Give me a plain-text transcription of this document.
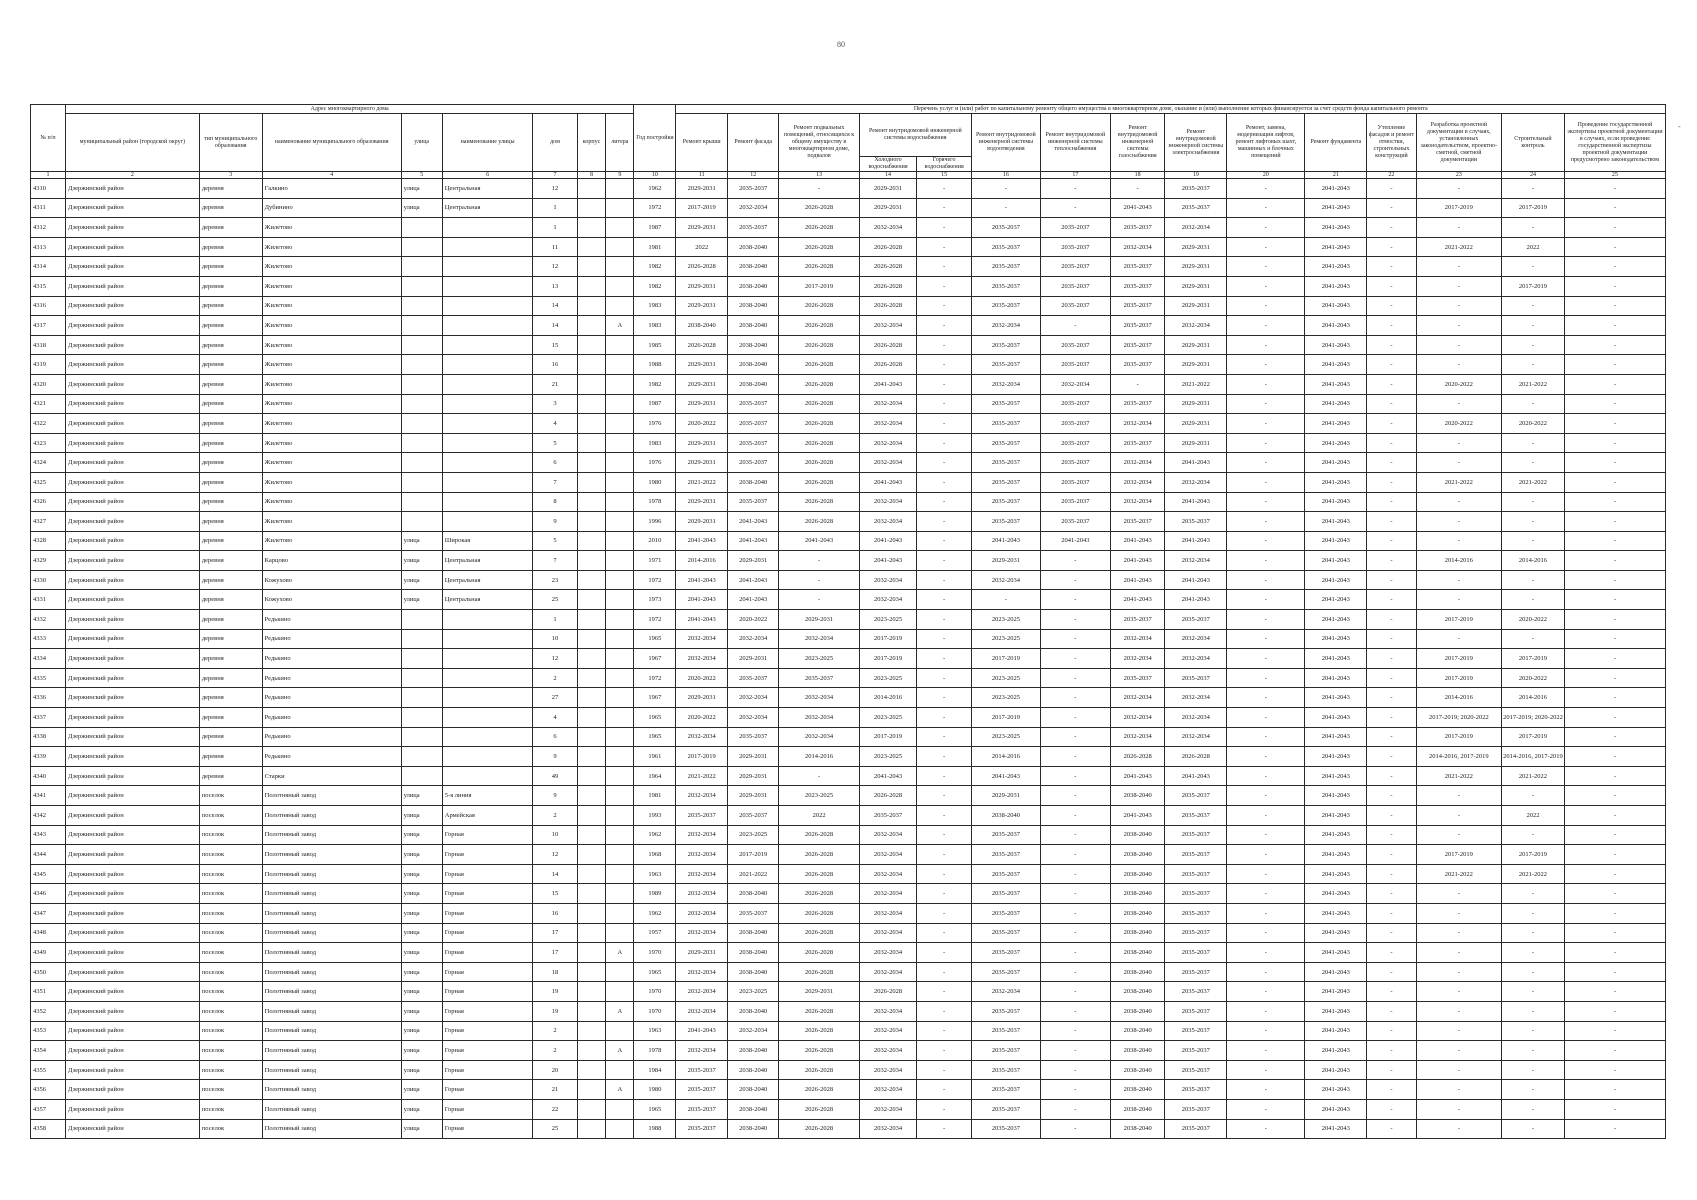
80
-
№ п/п	Адрес многоквартирного дома								Год постройки	Перечень услуг и (или) работ по капитальному ремонту общего имущества в многоквартирном доме, оказание и (или) выполнение которых финансируется за счет средств фонда капитального ремонта														
	муниципальный район (городской округ)	тип муниципального образования	наименование муниципального образования	улица	наименование улицы	дом	корпус	литера		Ремонт крыши	Ремонт фасада	Ремонт подвальных помещений, относящихся к общему имуществу в многоквартирном доме, подвалов	Ремонт внутридомовой инженерной системы водоснабжения		Ремонт внутридомовой инженерной системы водоотведения	Ремонт внутридомовой инженерной системы теплоснабжения	Ремонт внутридомовой инженерной системы газоснабжения	Ремонт внутридомовой инженерной системы электроснабжения	Ремонт, замена, модернизация лифтов, ремонт лифтовых шахт, машинных и блочных помещений	Ремонт фундамента	Утепление фасадов и ремонт отмостки, строительных конструкций	Разработка проектной документации в случаях, установленных законодательством, проектно-сметной, сметной документации	Строительный контроль	Проведение государственной экспертизы проектной документации в случаях, если проведение государственной экспертизы проектной документации предусмотрено законодательством
													Холодного водоснабжения	Горячего водоснабжения										
1	2	3	4	5	6	7	8	9	10	11	12	13	14	15	16	17	18	19	20	21	22	23	24	25
4310	Дзержинский район	деревня	Галкино	улица	Центральная	12			1962	2029-2031	2035-2037	-	2029-2031	-	-	-	-	2035-2037	-	2041-2043	-	-	-	-
4311	Дзержинский район	деревня	Дубинино	улица	Центральная	1			1972	2017-2019	2032-2034	2026-2028	2029-2031	-	-	-	2041-2043	2035-2037	-	2041-2043	-	2017-2019	2017-2019	-
4312	Дзержинский район	деревня	Жилетово			1			1987	2029-2031	2035-2037	2026-2028	2032-2034	-	2035-2037	2035-2037	2035-2037	2032-2034	-	2041-2043	-	-	-	-
4313	Дзержинский район	деревня	Жилетово			11			1981	2022	2038-2040	2026-2028	2026-2028	-	2035-2037	2035-2037	2032-2034	2029-2031	-	2041-2043	-	2021-2022	2022	-
4314	Дзержинский район	деревня	Жилетово			12			1982	2026-2028	2038-2040	2026-2028	2026-2028	-	2035-2037	2035-2037	2035-2037	2029-2031	-	2041-2043	-	-	-	-
4315	Дзержинский район	деревня	Жилетово			13			1982	2029-2031	2038-2040	2017-2019	2026-2028	-	2035-2037	2035-2037	2035-2037	2029-2031	-	2041-2043	-	-	2017-2019	-
4316	Дзержинский район	деревня	Жилетово			14			1983	2029-2031	2038-2040	2026-2028	2026-2028	-	2035-2037	2035-2037	2035-2037	2029-2031	-	2041-2043	-	-	-	-
4317	Дзержинский район	деревня	Жилетово			14		А	1983	2038-2040	2038-2040	2026-2028	2032-2034	-	2032-2034	-	2035-2037	2032-2034	-	2041-2043	-	-	-	-
4318	Дзержинский район	деревня	Жилетово			15			1985	2026-2028	2038-2040	2026-2028	2026-2028	-	2035-2037	2035-2037	2035-2037	2029-2031	-	2041-2043	-	-	-	-
4319	Дзержинский район	деревня	Жилетово			16			1988	2029-2031	2038-2040	2026-2028	2026-2028	-	2035-2037	2035-2037	2035-2037	2029-2031	-	2041-2043	-	-	-	-
4320	Дзержинский район	деревня	Жилетово			21			1982	2029-2031	2038-2040	2026-2028	2041-2043	-	2032-2034	2032-2034	-	2021-2022	-	2041-2043	-	2020-2022	2021-2022	-
4321	Дзержинский район	деревня	Жилетово			3			1987	2029-2031	2035-2037	2026-2028	2032-2034	-	2035-2037	2035-2037	2035-2037	2029-2031	-	2041-2043	-	-	-	-
4322	Дзержинский район	деревня	Жилетово			4			1976	2020-2022	2035-2037	2026-2028	2032-2034	-	2035-2037	2035-2037	2032-2034	2029-2031	-	2041-2043	-	2020-2022	2020-2022	-
4323	Дзержинский район	деревня	Жилетово			5			1983	2029-2031	2035-2037	2026-2028	2032-2034	-	2035-2037	2035-2037	2035-2037	2029-2031	-	2041-2043	-	-	-	-
4324	Дзержинский район	деревня	Жилетово			6			1976	2029-2031	2035-2037	2026-2028	2032-2034	-	2035-2037	2035-2037	2032-2034	2041-2043	-	2041-2043	-	-	-	-
4325	Дзержинский район	деревня	Жилетово			7			1980	2021-2022	2038-2040	2026-2028	2041-2043	-	2035-2037	2035-2037	2032-2034	2032-2034	-	2041-2043	-	2021-2022	2021-2022	-
4326	Дзержинский район	деревня	Жилетово			8			1978	2029-2031	2035-2037	2026-2028	2032-2034	-	2035-2037	2035-2037	2032-2034	2041-2043	-	2041-2043	-	-	-	-
4327	Дзержинский район	деревня	Жилетово			9			1996	2029-2031	2041-2043	2026-2028	2032-2034	-	2035-2037	2035-2037	2035-2037	2035-2037	-	2041-2043	-	-	-	-
4328	Дзержинский район	деревня	Жилетово	улица	Широкая	5			2010	2041-2043	2041-2043	2041-2043	2041-2043	-	2041-2043	2041-2043	2041-2043	2041-2043	-	2041-2043	-	-	-	-
4329	Дзержинский район	деревня	Карцово	улица	Центральная	7			1971	2014-2016	2029-2031	-	2041-2043	-	2029-2031	-	2041-2043	2032-2034	-	2041-2043	-	2014-2016	2014-2016	-
4330	Дзержинский район	деревня	Кожухово	улица	Центральная	23			1972	2041-2043	2041-2043	-	2032-2034	-	2032-2034	-	2041-2043	2041-2043	-	2041-2043	-	-	-	-
4331	Дзержинский район	деревня	Кожухово	улица	Центральная	25			1973	2041-2043	2041-2043	-	2032-2034	-	-	-	2041-2043	2041-2043	-	2041-2043	-	-	-	-
4332	Дзержинский район	деревня	Редькино			1			1972	2041-2043	2020-2022	2029-2031	2023-2025	-	2023-2025	-	2035-2037	2035-2037	-	2041-2043	-	2017-2019	2020-2022	-
4333	Дзержинский район	деревня	Редькино			10			1965	2032-2034	2032-2034	2032-2034	2017-2019	-	2023-2025	-	2032-2034	2032-2034	-	2041-2043	-	-	-	-
4334	Дзержинский район	деревня	Редькино			12			1967	2032-2034	2029-2031	2023-2025	2017-2019	-	2017-2019	-	2032-2034	2032-2034	-	2041-2043	-	2017-2019	2017-2019	-
4335	Дзержинский район	деревня	Редькино			2			1972	2020-2022	2035-2037	2035-2037	2023-2025	-	2023-2025	-	2035-2037	2035-2037	-	2041-2043	-	2017-2019	2020-2022	-
4336	Дзержинский район	деревня	Редькино			27			1967	2029-2031	2032-2034	2032-2034	2014-2016	-	2023-2025	-	2032-2034	2032-2034	-	2041-2043	-	2014-2016	2014-2016	-
4337	Дзержинский район	деревня	Редькино			4			1965	2020-2022	2032-2034	2032-2034	2023-2025	-	2017-2019	-	2032-2034	2032-2034	-	2041-2043	-	2017-2019; 2020-2022	2017-2019; 2020-2022	-
4338	Дзержинский район	деревня	Редькино			6			1965	2032-2034	2035-2037	2032-2034	2017-2019	-	2023-2025	-	2032-2034	2032-2034	-	2041-2043	-	2017-2019	2017-2019	-
4339	Дзержинский район	деревня	Редькино			9			1961	2017-2019	2029-2031	2014-2016	2023-2025	-	2014-2016	-	2026-2028	2026-2028	-	2041-2043	-	2014-2016, 2017-2019	2014-2016, 2017-2019	-
4340	Дзержинский район	деревня	Старки			49			1964	2021-2022	2029-2031	-	2041-2043	-	2041-2043	-	2041-2043	2041-2043	-	2041-2043	-	2021-2022	2021-2022	-
4341	Дзержинский район	поселок	Полотняный завод	улица	5-я линия	9			1981	2032-2034	2029-2031	2023-2025	2026-2028	-	2029-2031	-	2038-2040	2035-2037	-	2041-2043	-	-	-	-
4342	Дзержинский район	поселок	Полотняный завод	улица	Армейская	2			1993	2035-2037	2035-2037	2022	2035-2037	-	2038-2040	-	2041-2043	2035-2037	-	2041-2043	-	-	2022	-
4343	Дзержинский район	поселок	Полотняный завод	улица	Горная	10			1962	2032-2034	2023-2025	2026-2028	2032-2034	-	2035-2037	-	2038-2040	2035-2037	-	2041-2043	-	-	-	-
4344	Дзержинский район	поселок	Полотняный завод	улица	Горная	12			1968	2032-2034	2017-2019	2026-2028	2032-2034	-	2035-2037	-	2038-2040	2035-2037	-	2041-2043	-	2017-2019	2017-2019	-
4345	Дзержинский район	поселок	Полотняный завод	улица	Горная	14			1963	2032-2034	2021-2022	2026-2028	2032-2034	-	2035-2037	-	2038-2040	2035-2037	-	2041-2043	-	2021-2022	2021-2022	-
4346	Дзержинский район	поселок	Полотняный завод	улица	Горная	15			1989	2032-2034	2038-2040	2026-2028	2032-2034	-	2035-2037	-	2038-2040	2035-2037	-	2041-2043	-	-	-	-
4347	Дзержинский район	поселок	Полотняный завод	улица	Горная	16			1962	2032-2034	2035-2037	2026-2028	2032-2034	-	2035-2037	-	2038-2040	2035-2037	-	2041-2043	-	-	-	-
4348	Дзержинский район	поселок	Полотняный завод	улица	Горная	17			1957	2032-2034	2038-2040	2026-2028	2032-2034	-	2035-2037	-	2038-2040	2035-2037	-	2041-2043	-	-	-	-
4349	Дзержинский район	поселок	Полотняный завод	улица	Горная	17		А	1970	2029-2031	2038-2040	2026-2028	2032-2034	-	2035-2037	-	2038-2040	2035-2037	-	2041-2043	-	-	-	-
4350	Дзержинский район	поселок	Полотняный завод	улица	Горная	18			1965	2032-2034	2038-2040	2026-2028	2032-2034	-	2035-2037	-	2038-2040	2035-2037	-	2041-2043	-	-	-	-
4351	Дзержинский район	поселок	Полотняный завод	улица	Горная	19			1970	2032-2034	2023-2025	2029-2031	2026-2028	-	2032-2034	-	2038-2040	2035-2037	-	2041-2043	-	-	-	-
4352	Дзержинский район	поселок	Полотняный завод	улица	Горная	19		А	1970	2032-2034	2038-2040	2026-2028	2032-2034	-	2035-2037	-	2038-2040	2035-2037	-	2041-2043	-	-	-	-
4353	Дзержинский район	поселок	Полотняный завод	улица	Горная	2			1963	2041-2043	2032-2034	2026-2028	2032-2034	-	2035-2037	-	2038-2040	2035-2037	-	2041-2043	-	-	-	-
4354	Дзержинский район	поселок	Полотняный завод	улица	Горная	2		А	1978	2032-2034	2038-2040	2026-2028	2032-2034	-	2035-2037	-	2038-2040	2035-2037	-	2041-2043	-	-	-	-
4355	Дзержинский район	поселок	Полотняный завод	улица	Горная	20			1984	2035-2037	2038-2040	2026-2028	2032-2034	-	2035-2037	-	2038-2040	2035-2037	-	2041-2043	-	-	-	-
4356	Дзержинский район	поселок	Полотняный завод	улица	Горная	21		А	1980	2035-2037	2038-2040	2026-2028	2032-2034	-	2035-2037	-	2038-2040	2035-2037	-	2041-2043	-	-	-	-
4357	Дзержинский район	поселок	Полотняный завод	улица	Горная	22			1965	2035-2037	2038-2040	2026-2028	2032-2034	-	2035-2037	-	2038-2040	2035-2037	-	2041-2043	-	-	-	-
4358	Дзержинский район	поселок	Полотняный завод	улица	Горная	25			1988	2035-2037	2038-2040	2026-2028	2032-2034	-	2035-2037	-	2038-2040	2035-2037	-	2041-2043	-	-	-	-
